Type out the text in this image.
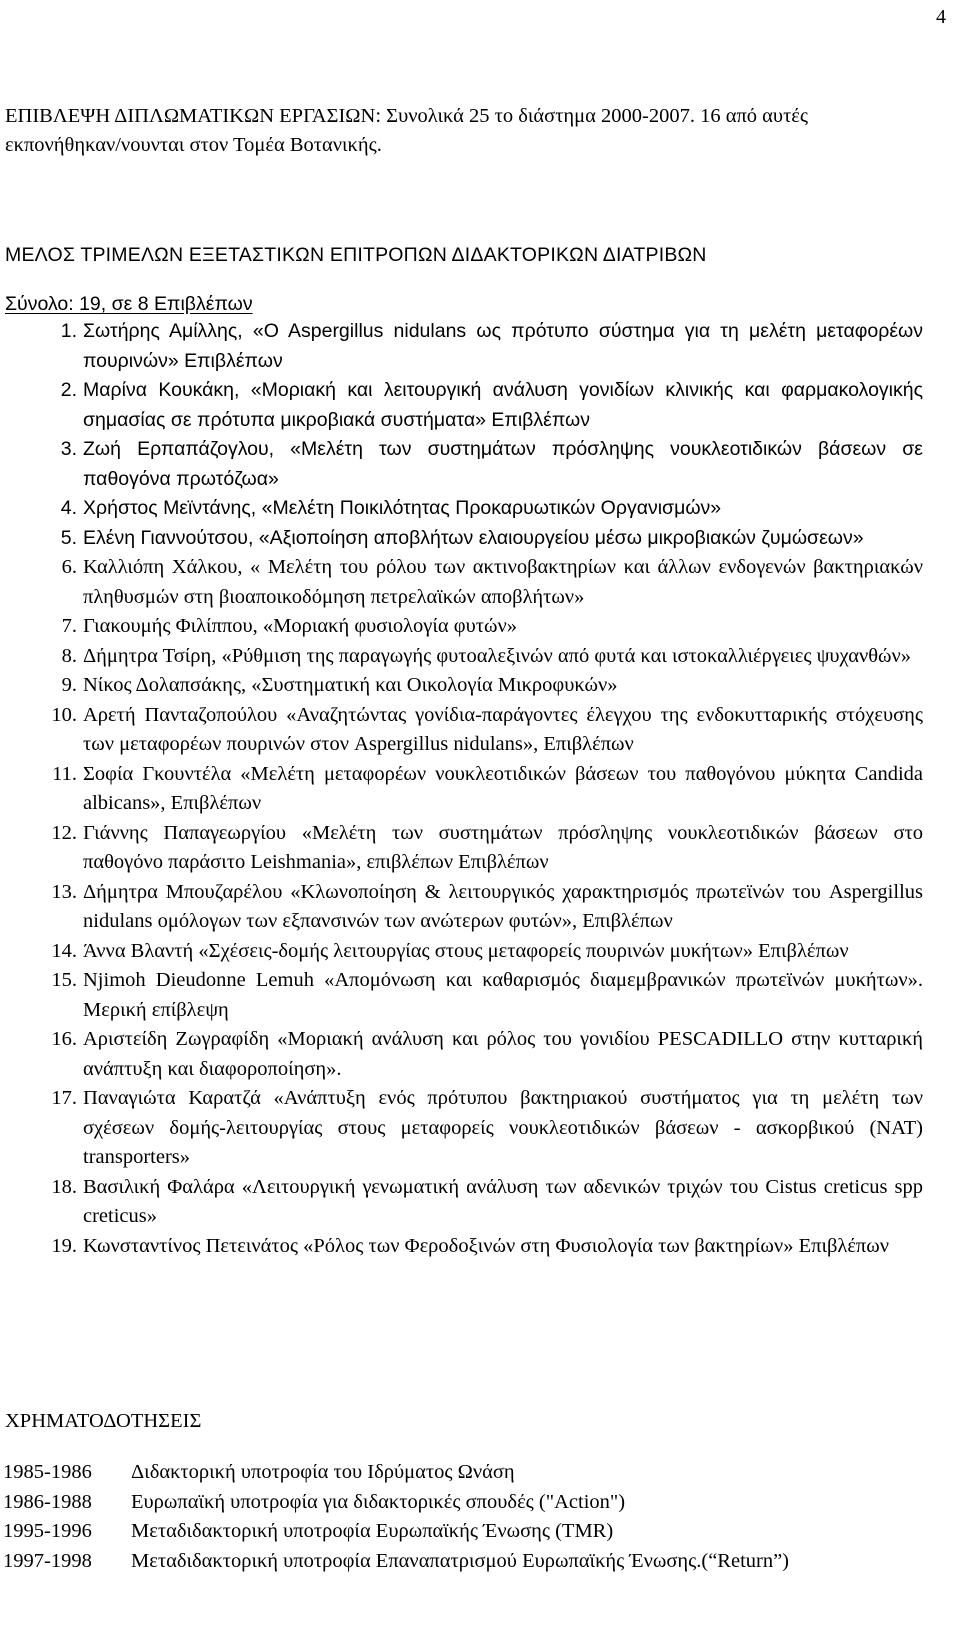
4

ΕΠΙΒΛΕΨΗ ΔΙΠΛΩΜΑΤΙΚΩΝ ΕΡΓΑΣΙΩΝ: Συνολικά 25 το διάστημα 2000-2007. 16 από αυτές εκπονήθηκαν/νουνται στον Τομέα Βοτανικής.

ΜΕΛΟΣ ΤΡΙΜΕΛΩΝ ΕΞΕΤΑΣΤΙΚΩΝ ΕΠΙΤΡΟΠΩΝ ΔΙΔΑΚΤΟΡΙΚΩΝ ΔΙΑΤΡΙΒΩΝ
Σύνολο: 19, σε 8 Επιβλέπων
1. Σωτήρης Αμίλλης, «O Aspergillus nidulans ως πρότυπο σύστημα για τη μελέτη μεταφορέων πουρινών» Επιβλέπων
2. Μαρίνα Κουκάκη, «Μοριακή και λειτουργική ανάλυση γονιδίων κλινικής και φαρμακολογικής σημασίας σε πρότυπα μικροβιακά συστήματα» Επιβλέπων
3. Ζωή Ερπαπάζογλου, «Μελέτη των συστημάτων πρόσληψης νουκλεοτιδικών βάσεων σε παθογόνα πρωτόζωα»
4. Χρήστος Μεϊντάνης, «Μελέτη Ποικιλότητας Προκαρυωτικών Οργανισμών»
5. Ελένη Γιαννούτσου, «Αξιοποίηση αποβλήτων ελαιουργείου μέσω μικροβιακών ζυμώσεων»
6. Καλλιόπη Χάλκου, « Μελέτη του ρόλου των ακτινοβακτηρίων και άλλων ενδογενών βακτηριακών πληθυσμών στη βιοαποικοδόμηση πετρελαϊκών αποβλήτων»
7. Γιακουμής Φιλίππου, «Μοριακή φυσιολογία φυτών»
8. Δήμητρα Τσίρη, «Ρύθμιση της παραγωγής φυτοαλεξινών από φυτά και ιστοκαλλιέργειες ψυχανθών»
9. Νίκος Δολαπσάκης, «Συστηματική και Οικολογία Μικροφυκών»
10. Αρετή Πανταζοπούλου «Αναζητώντας γονίδια-παράγοντες έλεγχου της ενδοκυτταρικής στόχευσης των μεταφορέων πουρινών στον Aspergillus nidulans», Επιβλέπων
11. Σοφία Γκουντέλα «Μελέτη μεταφορέων νουκλεοτιδικών βάσεων του παθογόνου μύκητα Candida albicans», Επιβλέπων
12. Γιάννης Παπαγεωργίου «Μελέτη των συστημάτων πρόσληψης νουκλεοτιδικών βάσεων στο παθογόνο παράσιτο Leishmania», επιβλέπων Επιβλέπων
13. Δήμητρα Μπουζαρέλου «Κλωνοποίηση & λειτουργικός χαρακτηρισμός πρωτεϊνών του Aspergillus nidulans ομόλογων των εξπανσινών των ανώτερων φυτών», Επιβλέπων
14. Άννα Βλαντή «Σχέσεις-δομής λειτουργίας στους μεταφορείς πουρινών μυκήτων» Επιβλέπων
15. Njimoh Dieudonne Lemuh «Απομόνωση και καθαρισμός διαμεμβρανικών πρωτεϊνών μυκήτων». Μερική επίβλεψη
16. Αριστείδη Ζωγραφίδη «Μοριακή ανάλυση και ρόλος του γονιδίου PESCADILLO στην κυτταρική ανάπτυξη και διαφοροποίηση».
17. Παναγιώτα Καρατζά «Ανάπτυξη ενός πρότυπου βακτηριακού συστήματος για τη μελέτη των σχέσεων δομής-λειτουργίας στους μεταφορείς νουκλεοτιδικών βάσεων - ασκορβικού (NAT) transporters»
18. Βασιλική Φαλάρα «Λειτουργική γενωματική ανάλυση των αδενικών τριχών του Cistus creticus spp creticus»
19. Κωνσταντίνος Πετεινάτος «Ρόλος των Φεροδοξινών στη Φυσιολογία των βακτηρίων» Επιβλέπων
ΧΡΗΜΑΤΟΔΟΤΗΣΕΙΣ
1985-1986	Διδακτορική υποτροφία του Ιδρύματος Ωνάση
1986-1988	Ευρωπαϊκή υποτροφία για διδακτορικές σπουδές ("Action")
1995-1996	Μεταδιδακτορική υποτροφία Ευρωπαϊκής Ένωσης (TMR)
1997-1998	Μεταδιδακτορική υποτροφία Επαναπατρισμού Ευρωπαϊκής Ένωσης.(“Return”)
